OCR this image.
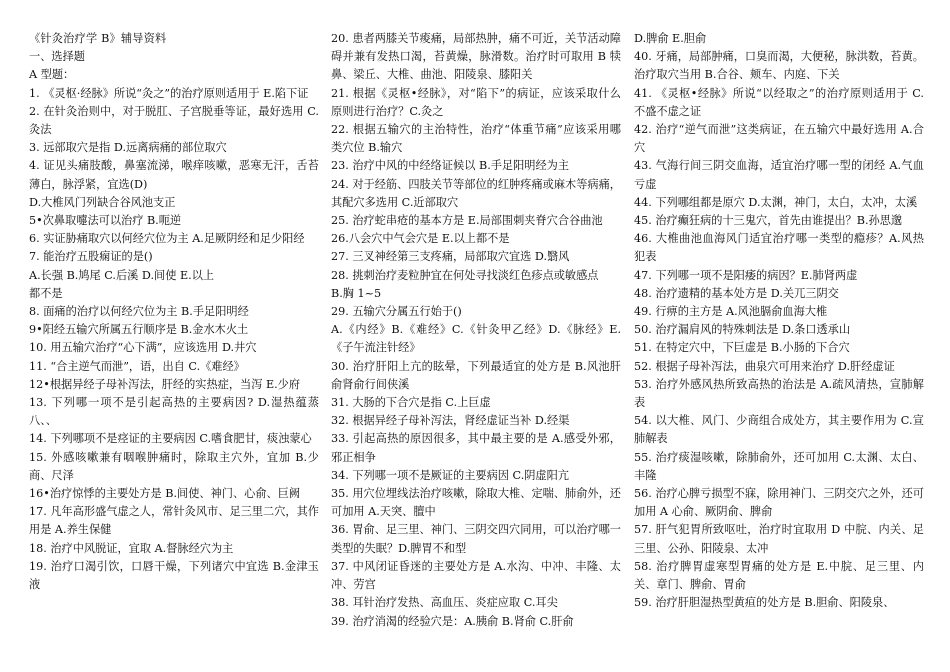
《针灸治疗学 B》辅导资料
一、选择题
A 型题：
1. 《灵枢·经脉》所说“灸之”的治疗原则适用于 E.陷下证
2. 在针灸治则中，对于脱肛、子宫脱垂等证，最好选用 C.灸法
3. 远部取穴是指 D.远离病痛的部位取穴
4. 证见头痛肢酸，鼻塞流涕，喉痒咳嗽，恶寒无汗，舌苔薄白，脉浮紧，宜选(D)
D.大椎风门列缺合谷风池支正
5•次鼻取嚏法可以治疗 B.呃逆
6. 实证胁痛取穴以何经穴位为主 A.足厥阴经和足少阳经
7. 能治疗五股痫证的是()
A.长强 B.鸠尾 C.后溪 D.间使 E.以上
都不是
8. 面痛的治疗以何经穴位为主 B.手足阳明经
9•阳经五输穴所属五行顺序是 B.金水木火土
10. 用五输穴治疗“心下满”，应该选用 D.井穴
11. “合主逆气而泄”，语，出自 C.《难经》
12•根据异经子母补泻法，肝经的实热症，当泻 E.少府
13. 下列哪一项不是引起高热的主要病因? D.湿热蕴蒸八、、
14. 下列哪项不是痉证的主要病因 C.嗜食肥甘，痰浊蒙心
15. 外感咳嗽兼有咽喉肿痛时，除取主穴外，宜加 B.少商、尺泽
16•治疗惊悸的主要处方是 B.间使、神门、心俞、巨阙
17. 凡年高形盛气虚之人，常针灸风市、足三里二穴，其作用是 A.养生保健
18. 治疗中风脱证，宜取 A.督脉经穴为主
19. 治疗口渴引饮，口唇干燥，下列诸穴中宜选 B.金津玉液
20. 患者两膝关节痠痛，局部热肿，痛不可近，关节活动障碍并兼有发热口渴，苔黄燥，脉滑数。治疗时可取用 B 犊鼻、梁丘、大椎、曲池、阳陵泉、膝阳关
21. 根据《灵枢•经脉》，对“陷下”的病证，应该采取什么原则进行治疗？C.灸之
22. 根据五输穴的主治特性，治疗“体重节痛”应该采用哪类穴位 B.输穴
23. 治疗中风的中经络证候以 B.手足阳明经为主
24. 对于经筋、四肢关节等部位的红肿疼痛或麻木等病痛，其配穴多选用 C.近部取穴
25. 治疗蛇串疮的基本方是 E.局部围刺夹脊穴合谷曲池
26.八会穴中气会穴是 E.以上都不是
27. 三叉神经第三支疼痛，局部取穴宜选 D.翳风
28. 挑刺治疗麦粒肿宜在何处寻找淡红色疹点或敏感点
B.胸 1~5
29. 五输穴分属五行始于()
A.《内经》B.《难经》C.《针灸甲乙经》D.《脉经》E.《子午流注针经》
30. 治疗肝阳上亢的眩晕，下列最适宜的处方是 B.风池肝俞肾俞行间侠溪
31. 大肠的下合穴是指 C.上巨虚
32. 根据异经子母补泻法，肾经虚证当补 D.经渠
33. 引起高热的原因很多，其中最主要的是 A.感受外邪，邪正相争
34. 下列哪一项不是厥证的主要病因 C.阴虚阳亢
35. 用穴位埋线法治疗咳嗽，除取大椎、定喘、肺俞外，还可加用 A.天突、膻中
36. 胃俞、足三里、神门、三阴交四穴同用，可以治疗哪一类型的失眠？D.脾胃不和型
37. 中风闭证昏迷的主要处方是 A.水沟、中冲、丰隆、太冲、劳宫
38. 耳针治疗发热、高血压、炎症应取 C.耳尖
39. 治疗消渴的经验穴是：A.胰俞 B.肾俞 C.肝俞
D.脾俞 E.胆俞
40. 牙痛，局部肿痛，口臭而渴，大便秘，脉洪数，苔黄。治疗取穴当用 B.合谷、颊车、内庭、下关
41. 《灵枢•经脉》所说“以经取之”的治疗原则适用于 C. 不盛不虚之证
42. 治疗“逆气而泄”这类病证，在五输穴中最好选用 A.合穴
43. 气海行间三阴交血海，适宜治疗哪一型的闭经 A.气血亏虚
44. 下列哪组都是原穴 D.太渊，神门，太白，太冲，太溪
45. 治疗癫狂病的十三鬼穴，首先由谁提出？B.孙思邈
46. 大椎曲池血海风门适宜治疗哪一类型的瘾疹？A.风热犯表
47. 下列哪一项不是阳痿的病因？E.肺肾两虚
48. 治疗遗精的基本处方是 D.关兀三阴交
49. 行痹的主方是 A.风池膈俞血海大椎
50. 治疗漏肩风的特殊刺法是 D.条口透承山
51. 在特定穴中，下巨虚是 B.小肠的下合穴
52. 根据子母补泻法，曲泉穴可用来治疗 D.肝经虚证
53. 治疗外感风热所致高热的治法是 A.疏风清热，宣肺解表
54. 以大椎、风门、少商组合成处方，其主要作用为 C.宣肺解表
55. 治疗痰湿咳嗽，除肺俞外，还可加用 C.太渊、太白、丰隆
56. 治疗心脾亏损型不寐，除用神门、三阴交穴之外，还可加用 A 心俞、厥阴俞、脾俞
57. 肝气犯胃所致呕吐，治疗时宜取用 D 中脘、内关、足三里、公孙、阳陵泉、太冲
58. 治疗脾胃虚寒型胃痛的处方是 E.中脘、足三里、内关、章门、脾俞、胃俞
59. 治疗肝胆湿热型黄疸的处方是 B.胆俞、阳陵泉、
